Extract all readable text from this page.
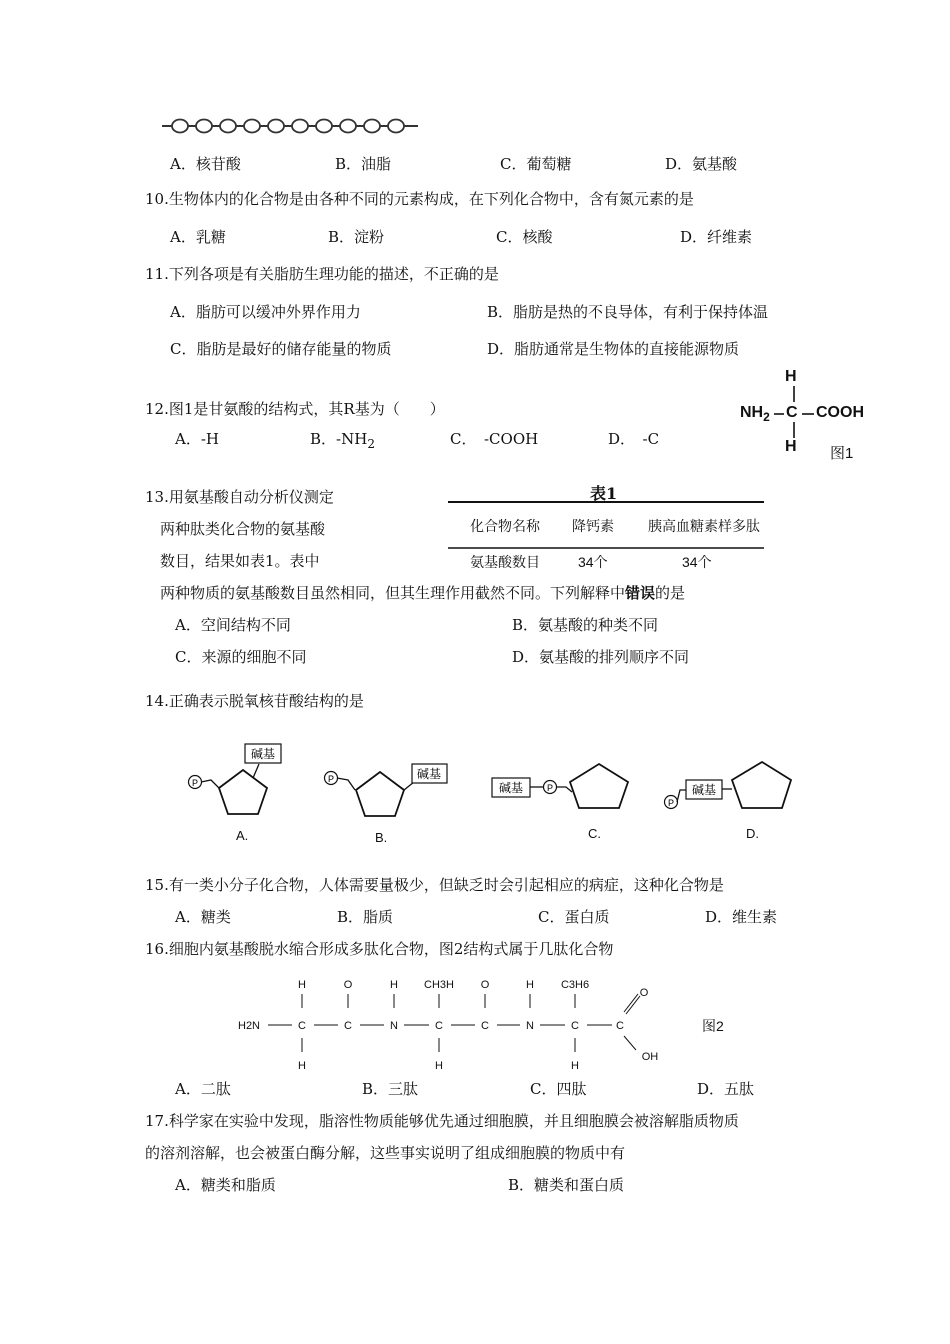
A．核苷酸	B．油脂	C．葡萄糖	D．氨基酸
10.生物体内的化合物是由各种不同的元素构成，在下列化合物中，含有氮元素的是
A．乳糖	B．淀粉	C．核酸	D．纤维素
11.下列各项是有关脂肪生理功能的描述，不正确的是
A．脂肪可以缓冲外界作用力	B．脂肪是热的不良导体，有利于保持体温
C．脂肪是最好的储存能量的物质	D．脂肪通常是生物体的直接能源物质
12.图1是甘氨酸的结构式，其R基为（　　）
A．-H	B．$-NH_2$	C．　-COOH	D．　-C
H
$NH_2$ C COOH
H 图1
13.用氨基酸自动分析仪测定
两种肽类化合物的氨基酸
数目，结果如表1。表中
两种物质的氨基酸数目虽然相同，但其生理作用截然不同。下列解释中错误的是
表1
化合物名称 降钙素 胰高血糖素样多肽
氨基酸数目	34个	34个
A．空间结构不同	B．氨基酸的种类不同
C．来源的细胞不同	D．氨基酸的排列顺序不同
14.正确表示脱氧核苷酸结构的是
P
碱基
A.
P	碱基
B.
碱基	P
C.
P
碱基
D.
15.有一类小分子化合物，人体需要量极少，但缺乏时会引起相应的病症，这种化合物是
A．糖类	B．脂质	C．蛋白质	D．维生素
16.细胞内氨基酸脱水缩合形成多肽化合物，图2结构式属于几肽化合物
H	O	H CH3H O	H C3H6
H2N	C	C	N	C	C	N	C	C
O
OH
H	H	H
图2
A．二肽	B．三肽	C．四肽	D．五肽
17.科学家在实验中发现，脂溶性物质能够优先通过细胞膜，并且细胞膜会被溶解脂质物质
的溶剂溶解，也会被蛋白酶分解，这些事实说明了组成细胞膜的物质中有
A．糖类和脂质	B．糖类和蛋白质
